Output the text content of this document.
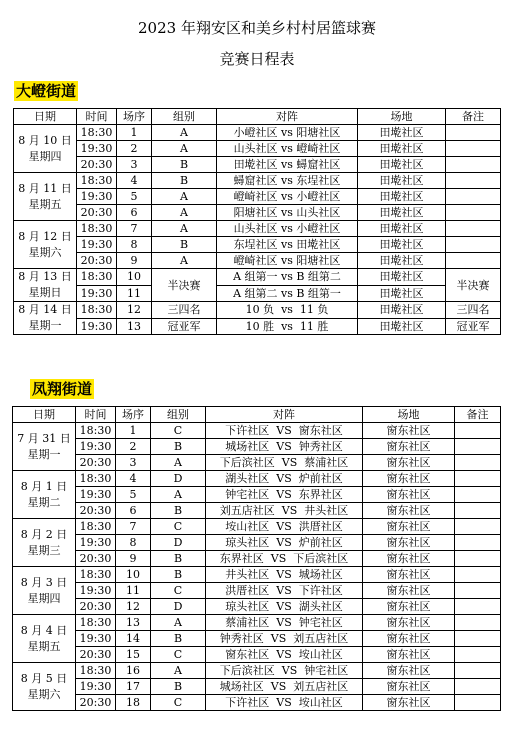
2023 年翔安区和美乡村村居篮球赛
竞赛日程表
大嶝街道
日期	时间	场序	组别	对阵	场地	备注

8 月 10 日
星期四	18:30	1	A	小嶝社区 vs 阳塘社区	田墘社区	
	19:30	2	A	山头社区 vs 嶝崎社区	田墘社区	
	20:30	3	B	田墘社区 vs 蟳窟社区	田墘社区	

8 月 11 日
星期五	18:30	4	B	蟳窟社区 vs 东埕社区	田墘社区	
	19:30	5	A	嶝崎社区 vs 小嶝社区	田墘社区	
	20:30	6	A	阳塘社区 vs 山头社区	田墘社区	

8 月 12 日
星期六	18:30	7	A	山头社区 vs 小嶝社区	田墘社区	
	19:30	8	B	东埕社区 vs 田墘社区	田墘社区	
	20:30	9	A	嶝崎社区 vs 阳塘社区	田墘社区	

8 月 13 日
星期日	18:30	10	半决赛	A 组第一 vs B 组第二	田墘社区	半决赛
	19:30	11		A 组第二 vs B 组第一	田墘社区	

8 月 14 日
星期一	18:30	12	三四名	10 负  vs  11 负	田墘社区	三四名
	19:30	13	冠亚军	10 胜  vs  11 胜	田墘社区	冠亚军
凤翔街道
日期	时间	场序	组别	对阵	场地	备注

7 月 31 日
星期一	18:30	1	C	下许社区  VS  窗东社区	窗东社区	
	19:30	2	B	城场社区  VS  钟秀社区	窗东社区	
	20:30	3	A	下后滨社区  VS  蔡浦社区	窗东社区	

8 月 1 日
星期二	18:30	4	D	湖头社区  VS  炉前社区	窗东社区	
	19:30	5	A	钟宅社区  VS  东界社区	窗东社区	
	20:30	6	B	刘五店社区  VS  井头社区	窗东社区	

8 月 2 日
星期三	18:30	7	C	垵山社区  VS  洪厝社区	窗东社区	
	19:30	8	D	琼头社区  VS  炉前社区	窗东社区	
	20:30	9	B	东界社区  VS  下后滨社区	窗东社区	

8 月 3 日
星期四	18:30	10	B	井头社区  VS  城场社区	窗东社区	
	19:30	11	C	洪厝社区  VS  下许社区	窗东社区	
	20:30	12	D	琼头社区  VS  湖头社区	窗东社区	

8 月 4 日
星期五	18:30	13	A	蔡浦社区  VS  钟宅社区	窗东社区	
	19:30	14	B	钟秀社区  VS  刘五店社区	窗东社区	
	20:30	15	C	窗东社区  VS  垵山社区	窗东社区	

8 月 5 日
星期六	18:30	16	A	下后滨社区  VS  钟宅社区	窗东社区	
	19:30	17	B	城场社区  VS  刘五店社区	窗东社区	
	20:30	18	C	下许社区  VS  垵山社区	窗东社区	
